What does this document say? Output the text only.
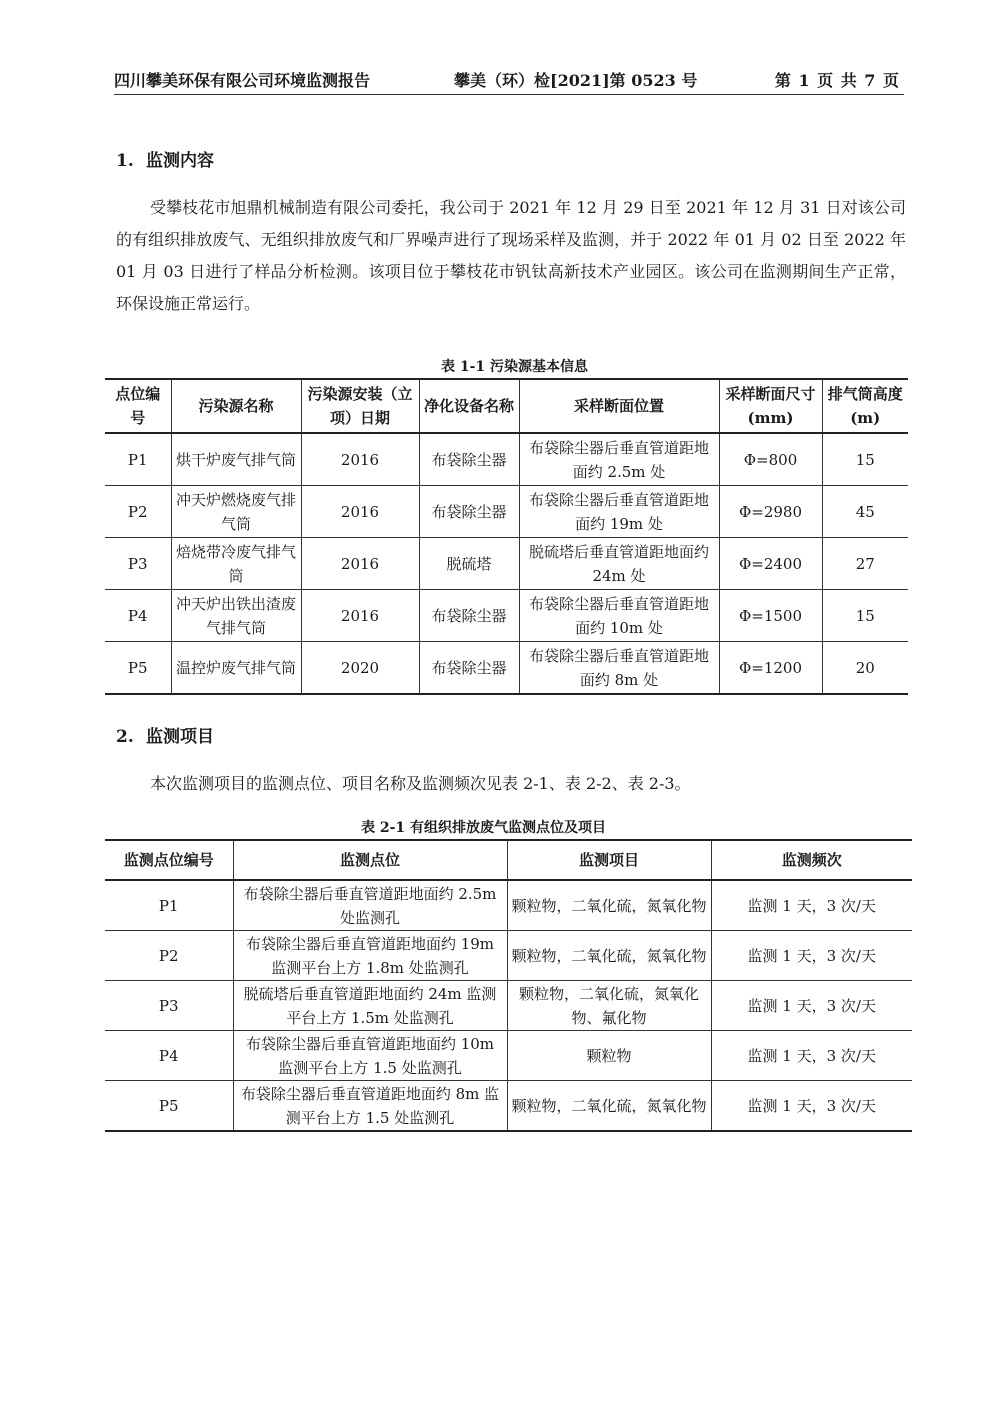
四川攀美环保有限公司环境监测报告	攀美（环）检[2021]第 0523 号	第 1 页 共 7 页
1. 监测内容

受攀枝花市旭鼎机械制造有限公司委托，我公司于 2021 年 12 月 29 日至 2021 年 12 月 31 日对该公司的有组织排放废气、无组织排放废气和厂界噪声进行了现场采样及监测，并于 2022 年 01 月 02 日至 2022 年 01 月 03 日进行了样品分析检测。该项目位于攀枝花市钒钛高新技术产业园区。该公司在监测期间生产正常，环保设施正常运行。

表 1-1 污染源基本信息
点位编号	污染源名称	污染源安装（立项）日期	净化设备名称	采样断面位置	采样断面尺寸(mm)	排气筒高度(m)
P1	烘干炉废气排气筒	2016	布袋除尘器	布袋除尘器后垂直管道距地面约 2.5m 处	Φ=800	15
P2	冲天炉燃烧废气排气筒	2016	布袋除尘器	布袋除尘器后垂直管道距地面约 19m 处	Φ=2980	45
P3	焙烧带冷废气排气筒	2016	脱硫塔	脱硫塔后垂直管道距地面约 24m 处	Φ=2400	27
P4	冲天炉出铁出渣废气排气筒	2016	布袋除尘器	布袋除尘器后垂直管道距地面约 10m 处	Φ=1500	15
P5	温控炉废气排气筒	2020	布袋除尘器	布袋除尘器后垂直管道距地面约 8m 处	Φ=1200	20
2. 监测项目

本次监测项目的监测点位、项目名称及监测频次见表 2-1、表 2-2、表 2-3。

表 2-1 有组织排放废气监测点位及项目
监测点位编号	监测点位	监测项目	监测频次
P1	布袋除尘器后垂直管道距地面约 2.5m 处监测孔	颗粒物，二氧化硫，氮氧化物	监测 1 天，3 次/天
P2	布袋除尘器后垂直管道距地面约 19m 监测平台上方 1.8m 处监测孔	颗粒物，二氧化硫，氮氧化物	监测 1 天，3 次/天
P3	脱硫塔后垂直管道距地面约 24m 监测平台上方 1.5m 处监测孔	颗粒物，二氧化硫，氮氧化物、氟化物	监测 1 天，3 次/天
P4	布袋除尘器后垂直管道距地面约 10m 监测平台上方 1.5 处监测孔	颗粒物	监测 1 天，3 次/天
P5	布袋除尘器后垂直管道距地面约 8m 监测平台上方 1.5 处监测孔	颗粒物，二氧化硫，氮氧化物	监测 1 天，3 次/天
